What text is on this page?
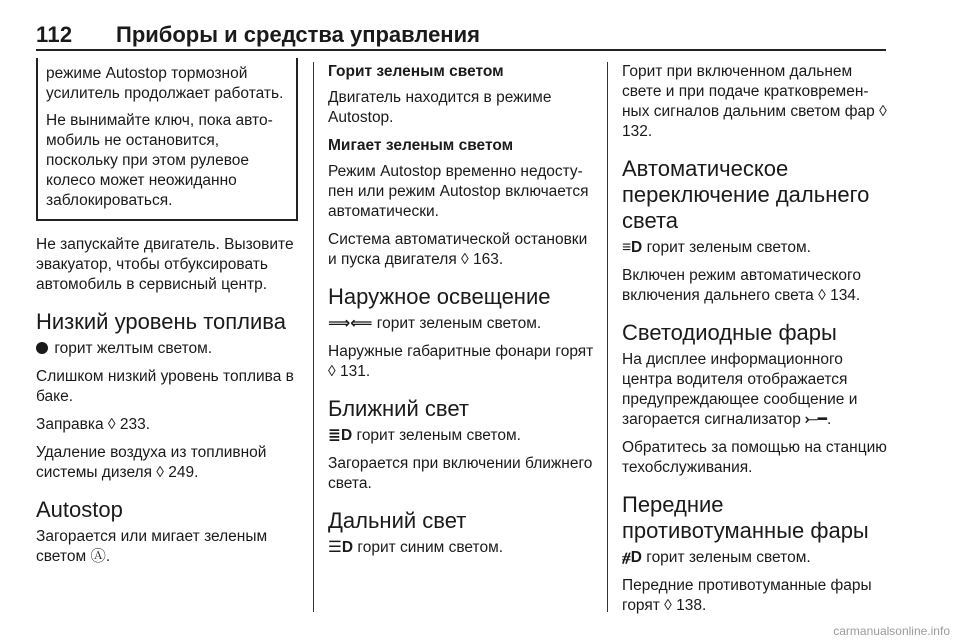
112 Приборы и средства управления

режиме Autostop тормозной усилитель продолжает работать.

Не вынимайте ключ, пока автомобиль не остановится, поскольку при этом рулевое колесо может неожиданно заблокироваться.

Не запускайте двигатель. Вызовите эвакуатор, чтобы отбуксировать автомобиль в сервисный центр.

Низкий уровень топлива

горит желтым светом.

Слишком низкий уровень топлива в баке.

Заправка ◊ 233.

Удаление воздуха из топливной системы дизеля ◊ 249.

Autostop

Загорается или мигает зеленым светом Ⓐ.

Горит зеленым светом

Двигатель находится в режиме Autostop.

Мигает зеленым светом

Режим Autostop временно недоступен или режим Autostop включается автоматически.

Система автоматической остановки и пуска двигателя ◊ 163.

Наружное освещение

⟹⟸ горит зеленым светом.

Наружные габаритные фонари горят ◊ 131.

Ближний свет

≣D горит зеленым светом.

Загорается при включении ближнего света.

Дальний свет

☰D горит синим светом.

Горит при включенном дальнем свете и при подаче кратковременных сигналов дальним светом фар ◊ 132.

Автоматическое переключение дальнего света

≡D горит зеленым светом.

Включен режим автоматического включения дальнего света ◊ 134.

Светодиодные фары

На дисплее информационного центра водителя отображается предупреждающее сообщение и загорается сигнализатор ⤚━.

Обратитесь за помощью на станцию техобслуживания.

Передние противотуманные фары

⧣D горит зеленым светом.

Передние противотуманные фары горят ◊ 138.

carmanualsonline.info
